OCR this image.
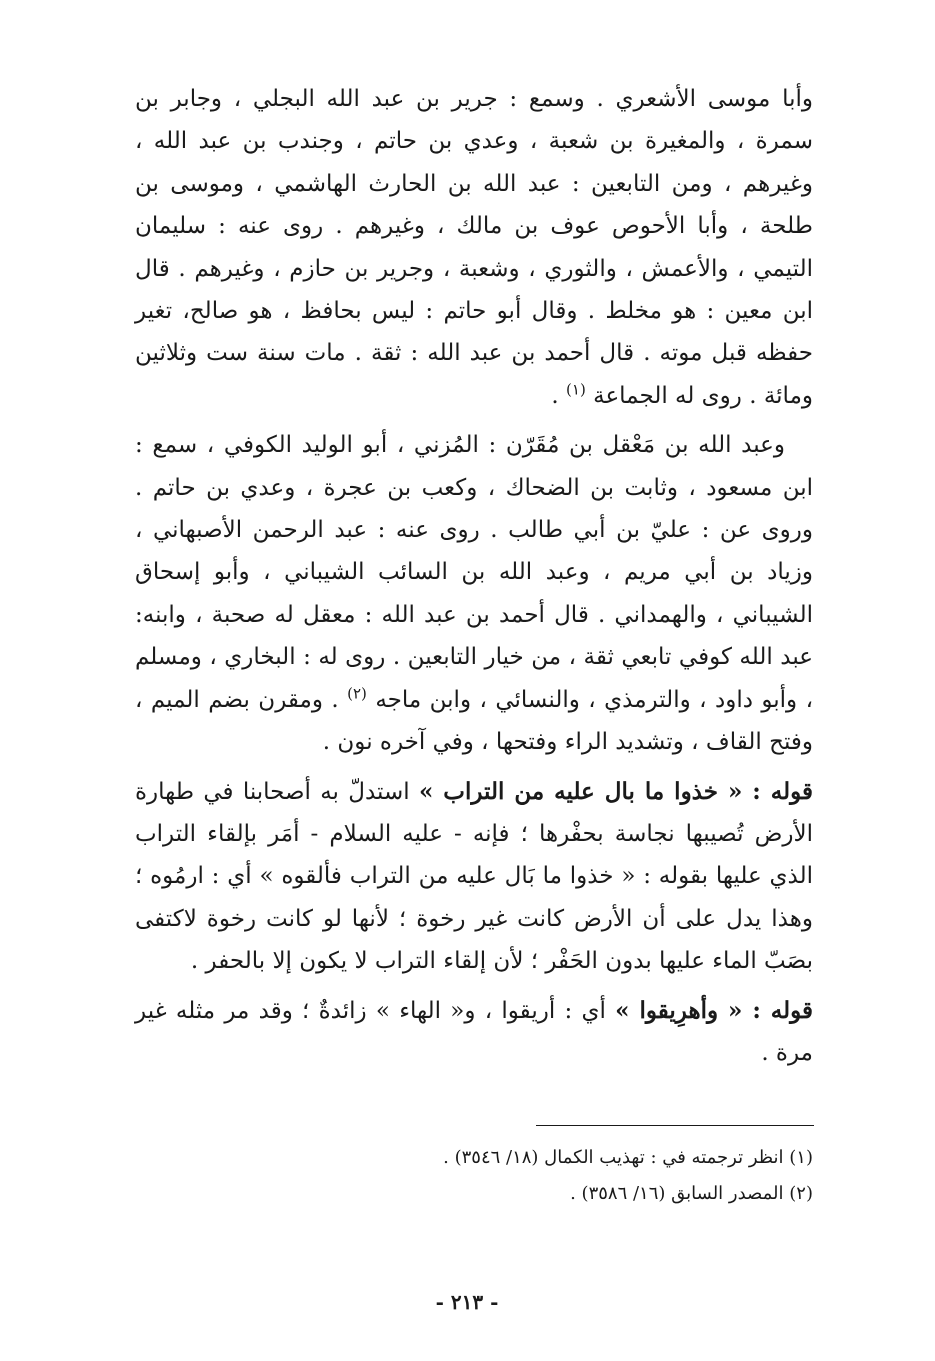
وأبا موسى الأشعري . وسمع : جرير بن عبد الله البجلي ، وجابر بن سمرة ، والمغيرة بن شعبة ، وعدي بن حاتم ، وجندب بن عبد الله ، وغيرهم ، ومن التابعين : عبد الله بن الحارث الهاشمي ، وموسى بن طلحة ، وأبا الأحوص عوف بن مالك ، وغيرهم . روى عنه : سليمان التيمي ، والأعمش ، والثوري ، وشعبة ، وجرير بن حازم ، وغيرهم . قال ابن معين : هو مخلط . وقال أبو حاتم : ليس بحافظ ، هو صالح، تغير حفظه قبل موته . قال أحمد بن عبد الله : ثقة . مات سنة ست وثلاثين ومائة . روى له الجماعة $^{(١)}$ .

وعبد الله بن مَعْقل بن مُقَرّن : المُزني ، أبو الوليد الكوفي ، سمع : ابن مسعود ، وثابت بن الضحاك ، وكعب بن عجرة ، وعدي بن حاتم . وروى عن : عليّ بن أبي طالب . روى عنه : عبد الرحمن الأصبهاني ، وزياد بن أبي مريم ، وعبد الله بن السائب الشيباني ، وأبو إسحاق الشيباني ، والهمداني . قال أحمد بن عبد الله : معقل له صحبة ، وابنه: عبد الله كوفي تابعي ثقة ، من خيار التابعين . روى له : البخاري ، ومسلم ، وأبو داود ، والترمذي ، والنسائي ، وابن ماجه $^{(٢)}$ . ومقرن بضم الميم ، وفتح القاف ، وتشديد الراء وفتحها ، وفي آخره نون .

قوله : « خذوا ما بال عليه من التراب » استدلّ به أصحابنا في طهارة الأرض تُصيبها نجاسة بحفْرها ؛ فإنه - عليه السلام - أمَر بإلقاء التراب الذي عليها بقوله : « خذوا ما بَال عليه من التراب فألقوه » أي : ارمُوه ؛ وهذا يدل على أن الأرض كانت غير رخوة ؛ لأنها لو كانت رخوة لاكتفى بصَبّ الماء عليها بدون الحَفْر ؛ لأن إلقاء التراب لا يكون إلا بالحفر .

قوله : « وأهرِيقوا » أي : أريقوا ، و« الهاء » زائدةٌ ؛ وقد مر مثله غير مرة .

(١) انظر ترجمته في : تهذيب الكمال (١٨/ ٣٥٤٦) .

(٢) المصدر السابق (١٦/ ٣٥٨٦) .

- ٢١٣ -
